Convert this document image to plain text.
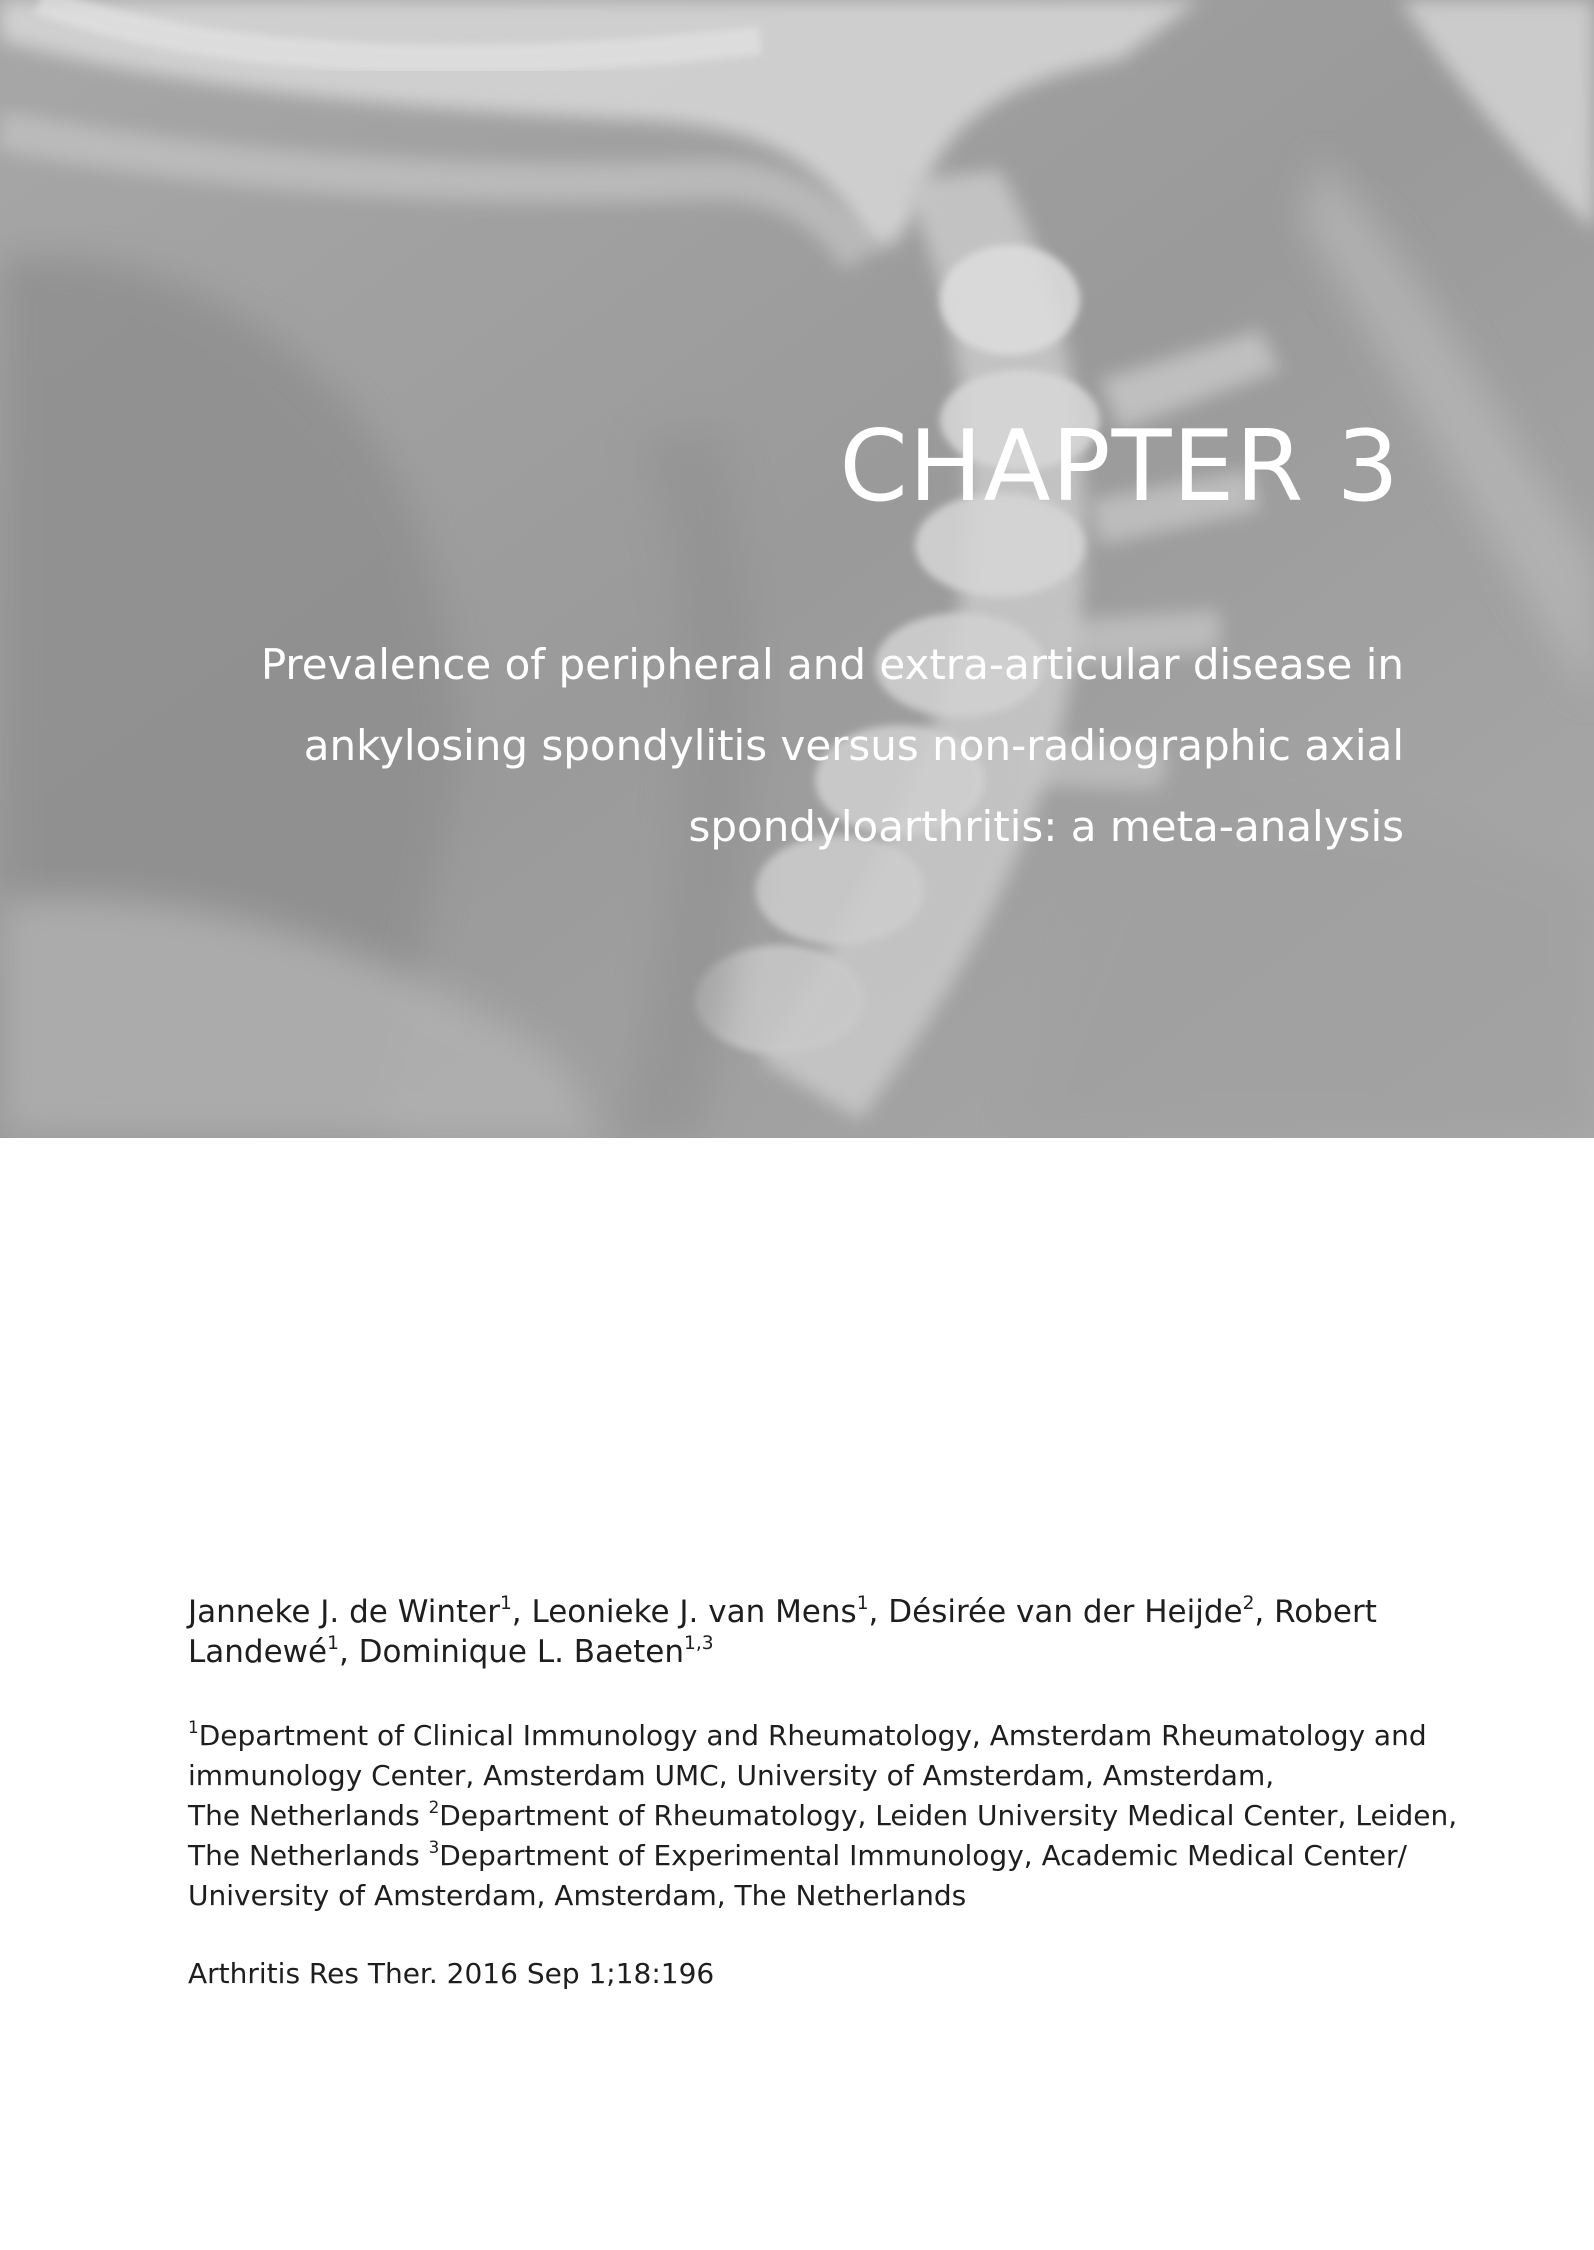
CHAPTER 3
Prevalence of peripheral and extra-articular disease in
ankylosing spondylitis versus non-radiographic axial
spondyloarthritis: a meta-analysis

Janneke J. de Winter$^1$, Leonieke J. van Mens$^1$, Désirée van der Heijde$^2$, Robert Landewé$^1$, Dominique L. Baeten$^{1,3}$

$^1$Department of Clinical Immunology and Rheumatology, Amsterdam Rheumatology and
immunology Center, Amsterdam UMC, University of Amsterdam, Amsterdam,
The Netherlands $^2$Department of Rheumatology, Leiden University Medical Center, Leiden,
The Netherlands $^3$Department of Experimental Immunology, Academic Medical Center/
University of Amsterdam, Amsterdam, The Netherlands

Arthritis Res Ther. 2016 Sep 1;18:196
